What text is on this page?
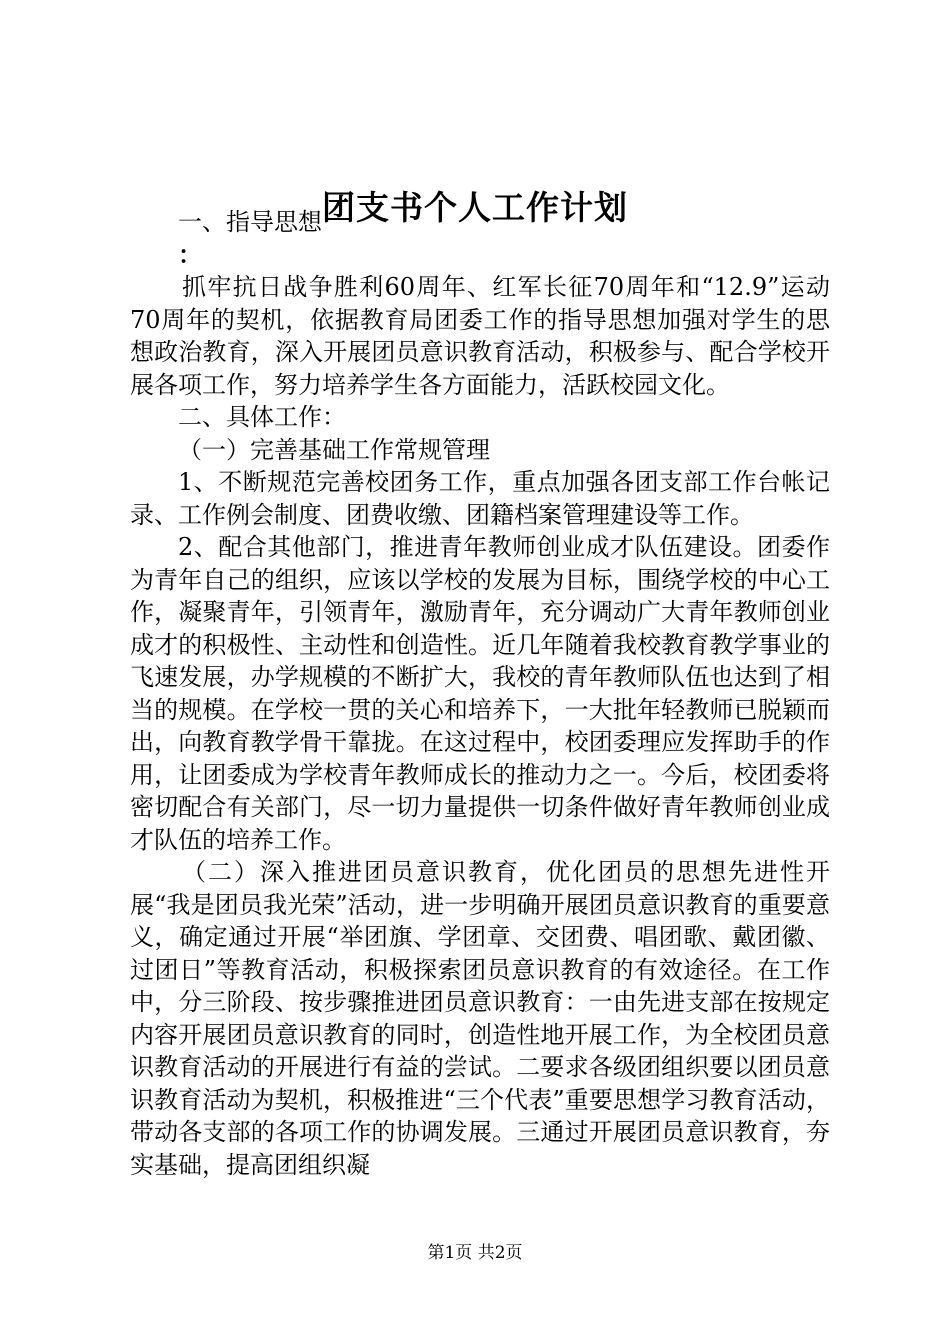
团支书个人工作计划

一、指导思想

：

抓牢抗日战争胜利60周年、红军长征70周年和“12.9”运动70周年的契机，依据教育局团委工作的指导思想加强对学生的思想政治教育，深入开展团员意识教育活动，积极参与、配合学校开展各项工作，努力培养学生各方面能力，活跃校园文化。

二、具体工作：

（一）完善基础工作常规管理

1、不断规范完善校团务工作，重点加强各团支部工作台帐记录、工作例会制度、团费收缴、团籍档案管理建设等工作。

2、配合其他部门，推进青年教师创业成才队伍建设。团委作为青年自己的组织，应该以学校的发展为目标，围绕学校的中心工作，凝聚青年，引领青年，激励青年，充分调动广大青年教师创业成才的积极性、主动性和创造性。近几年随着我校教育教学事业的飞速发展，办学规模的不断扩大，我校的青年教师队伍也达到了相当的规模。在学校一贯的关心和培养下，一大批年轻教师已脱颖而出，向教育教学骨干靠拢。在这过程中，校团委理应发挥助手的作用，让团委成为学校青年教师成长的推动力之一。今后，校团委将密切配合有关部门，尽一切力量提供一切条件做好青年教师创业成才队伍的培养工作。

（二）深入推进团员意识教育，优化团员的思想先进性开展“我是团员我光荣”活动，进一步明确开展团员意识教育的重要意义，确定通过开展“举团旗、学团章、交团费、唱团歌、戴团徽、过团日”等教育活动，积极探索团员意识教育的有效途径。在工作中，分三阶段、按步骤推进团员意识教育：一由先进支部在按规定内容开展团员意识教育的同时，创造性地开展工作，为全校团员意识教育活动的开展进行有益的尝试。二要求各级团组织要以团员意识教育活动为契机，积极推进“三个代表”重要思想学习教育活动，带动各支部的各项工作的协调发展。三通过开展团员意识教育，夯实基础，提高团组织凝

第1页 共2页
